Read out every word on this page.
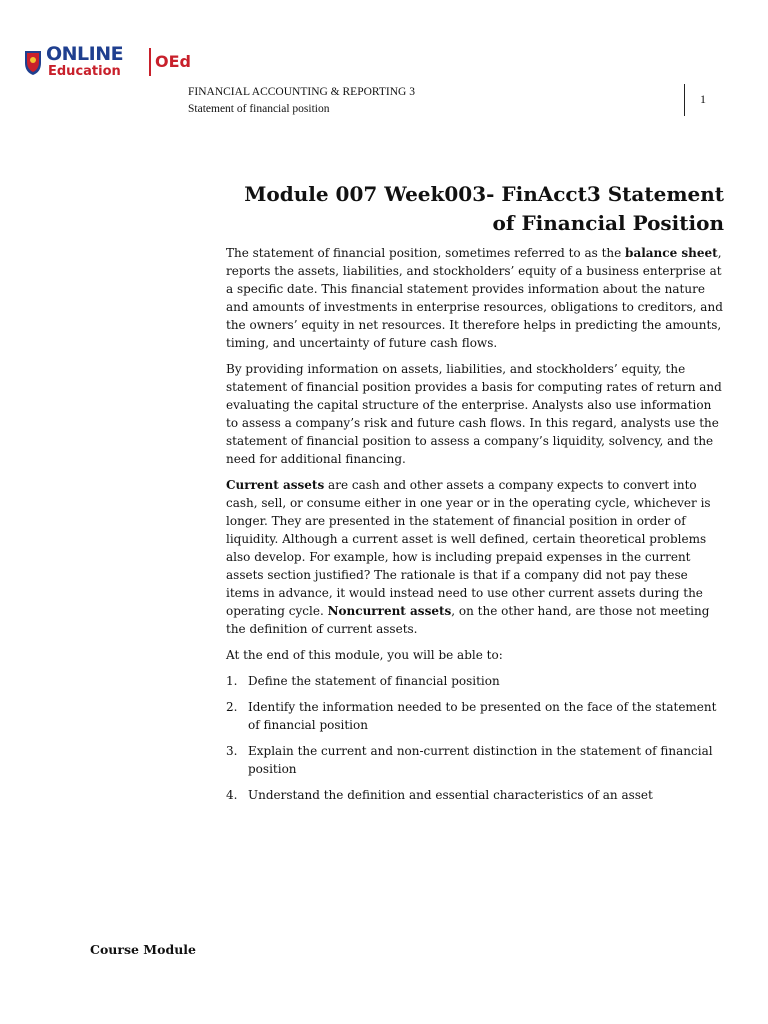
ONLINE
Education
OEd
FINANCIAL ACCOUNTING & REPORTING 3
Statement of financial position
1
Module 007 Week003- FinAcct3 Statement of Financial Position

The statement of financial position, sometimes referred to as the balance sheet, reports the assets, liabilities, and stockholders’ equity of a business enterprise at a specific date. This financial statement provides information about the nature and amounts of investments in enterprise resources, obligations to creditors, and the owners’ equity in net resources. It therefore helps in predicting the amounts, timing, and uncertainty of future cash flows.

By providing information on assets, liabilities, and stockholders’ equity, the statement of financial position provides a basis for computing rates of return and evaluating the capital structure of the enterprise. Analysts also use information to assess a company’s risk and future cash flows. In this regard, analysts use the statement of financial position to assess a company’s liquidity, solvency, and the need for additional financing.

Current assets are cash and other assets a company expects to convert into cash, sell, or consume either in one year or in the operating cycle, whichever is longer. They are presented in the statement of financial position in order of liquidity. Although a current asset is well defined, certain theoretical problems also develop. For example, how is including prepaid expenses in the current assets section justified? The rationale is that if a company did not pay these items in advance, it would instead need to use other current assets during the operating cycle. Noncurrent assets, on the other hand, are those not meeting the definition of current assets.

At the end of this module, you will be able to:

1. Define the statement of financial position
2. Identify the information needed to be presented on the face of the statement of financial position
3. Explain the current and non-current distinction in the statement of financial position
4. Understand the definition and essential characteristics of an asset
Course Module
